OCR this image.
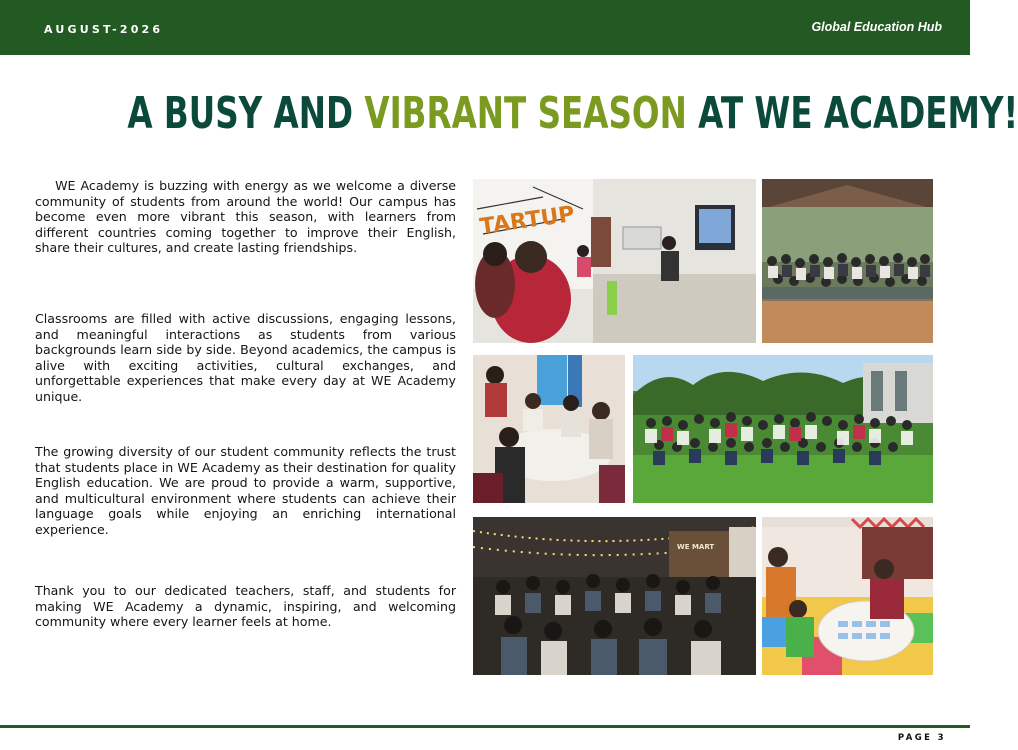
AUGUST-2026	Global Education Hub
A BUSY AND VIBRANT SEASON AT WE ACADEMY!

WE Academy is buzzing with energy as we welcome a diverse community of students from around the world! Our campus has become even more vibrant this season, with learners from different countries coming together to improve their English, share their cultures, and create lasting friendships.

Classrooms are filled with active discussions, engaging lessons, and meaningful interactions as students from various backgrounds learn side by side. Beyond academics, the campus is alive with exciting activities, cultural exchanges, and unforgettable experiences that make every day at WE Academy unique.

The growing diversity of our student community reflects the trust that students place in WE Academy as their destination for quality English education. We are proud to provide a warm, supportive, and multicultural environment where students can achieve their language goals while enjoying an enriching international experience.

Thank you to our dedicated teachers, staff, and students for making WE Academy a dynamic, inspiring, and welcoming community where every learner feels at home.

TARTUP
WE MART
PAGE 3
